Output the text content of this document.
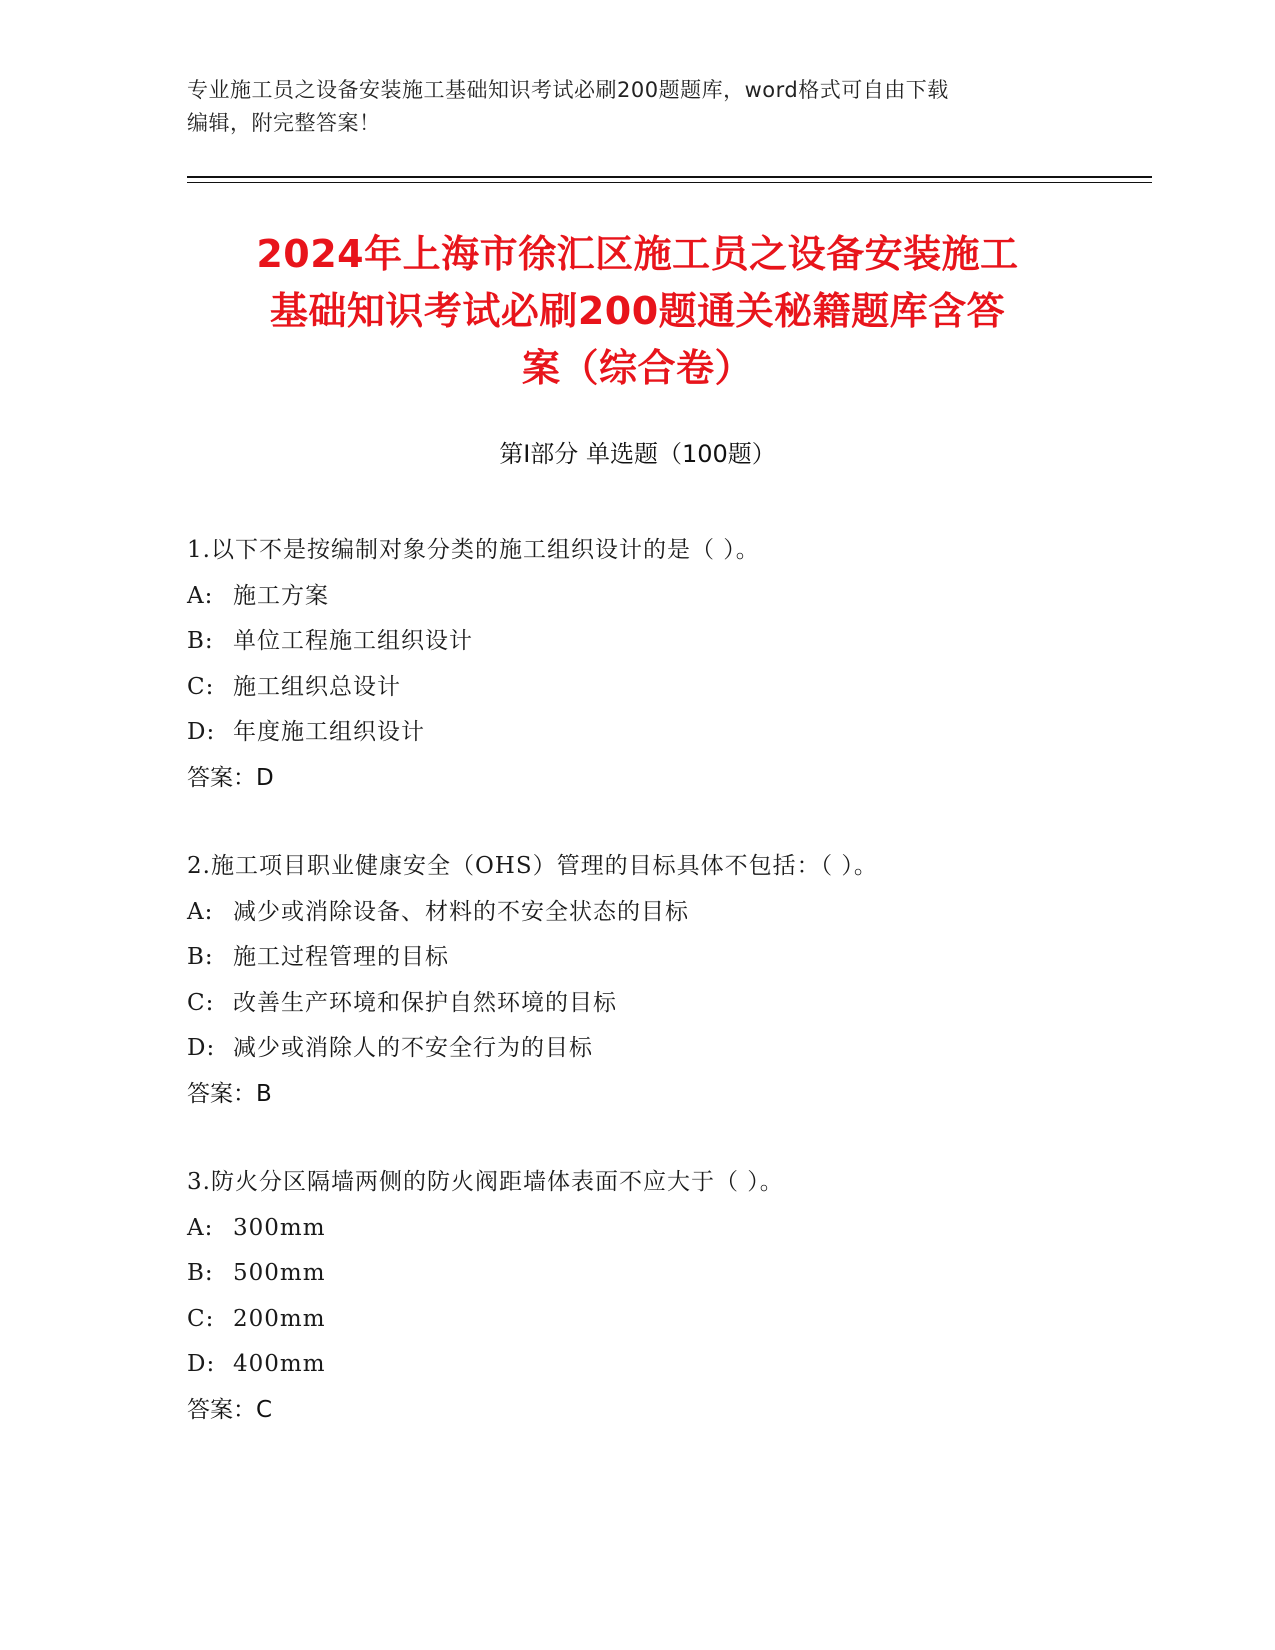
专业施工员之设备安装施工基础知识考试必刷200题题库，word格式可自由下载
编辑，附完整答案！
2024年上海市徐汇区施工员之设备安装施工
基础知识考试必刷200题通关秘籍题库含答
案（综合卷）
第Ⅰ部分 单选题（100题）
1.以下不是按编制对象分类的施工组织设计的是（ ）。
A: 施工方案
B: 单位工程施工组织设计
C: 施工组织总设计
D: 年度施工组织设计
答案：D
2.施工项目职业健康安全（OHS）管理的目标具体不包括：（ ）。
A: 减少或消除设备、材料的不安全状态的目标
B: 施工过程管理的目标
C: 改善生产环境和保护自然环境的目标
D: 减少或消除人的不安全行为的目标
答案：B
3.防火分区隔墙两侧的防火阀距墙体表面不应大于（ ）。
A: 300mm
B: 500mm
C: 200mm
D: 400mm
答案：C
